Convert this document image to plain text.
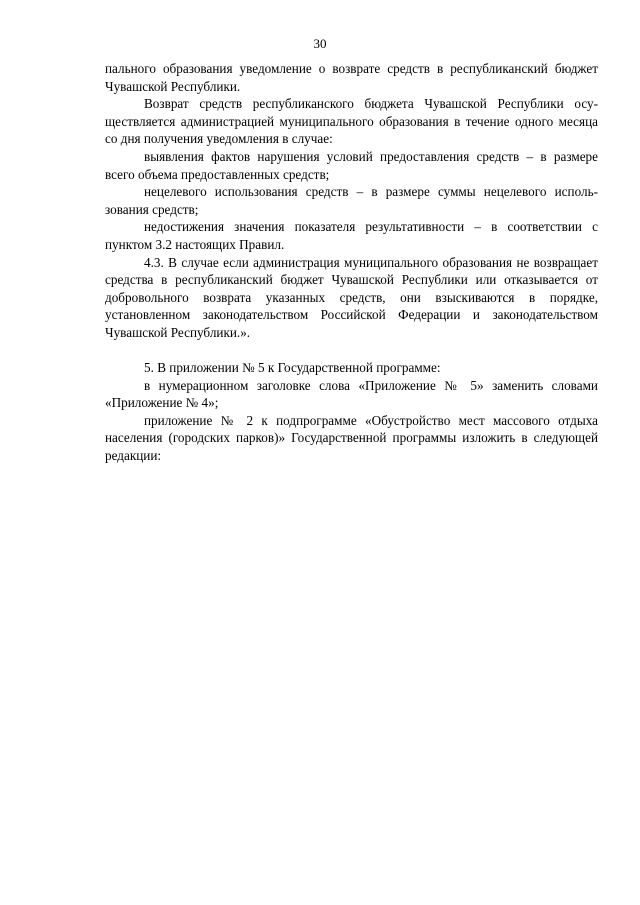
30

пального образования уведомление о возврате средств в республиканский бюджет Чувашской Республики.

Возврат средств республиканского бюджета Чувашской Республики осуществляется администрацией муниципального образования в течение одного месяца со дня получения уведомления в случае:

выявления фактов нарушения условий предоставления средств – в размере всего объема предоставленных средств;

нецелевого использования средств – в размере суммы нецелевого использования средств;

недостижения значения показателя результативности – в соответствии с пунктом 3.2 настоящих Правил.

4.3. В случае если администрация муниципального образования не возвращает средства в республиканский бюджет Чувашской Республики или отказывается от добровольного возврата указанных средств, они взыскиваются в порядке, установленном законодательством Российской Федерации и законодательством Чувашской Республики.».

5. В приложении № 5 к Государственной программе:

в нумерационном заголовке слова «Приложение № 5» заменить словами «Приложение № 4»;

приложение № 2 к подпрограмме «Обустройство мест массового отдыха населения (городских парков)» Государственной программы изложить в следующей редакции:
